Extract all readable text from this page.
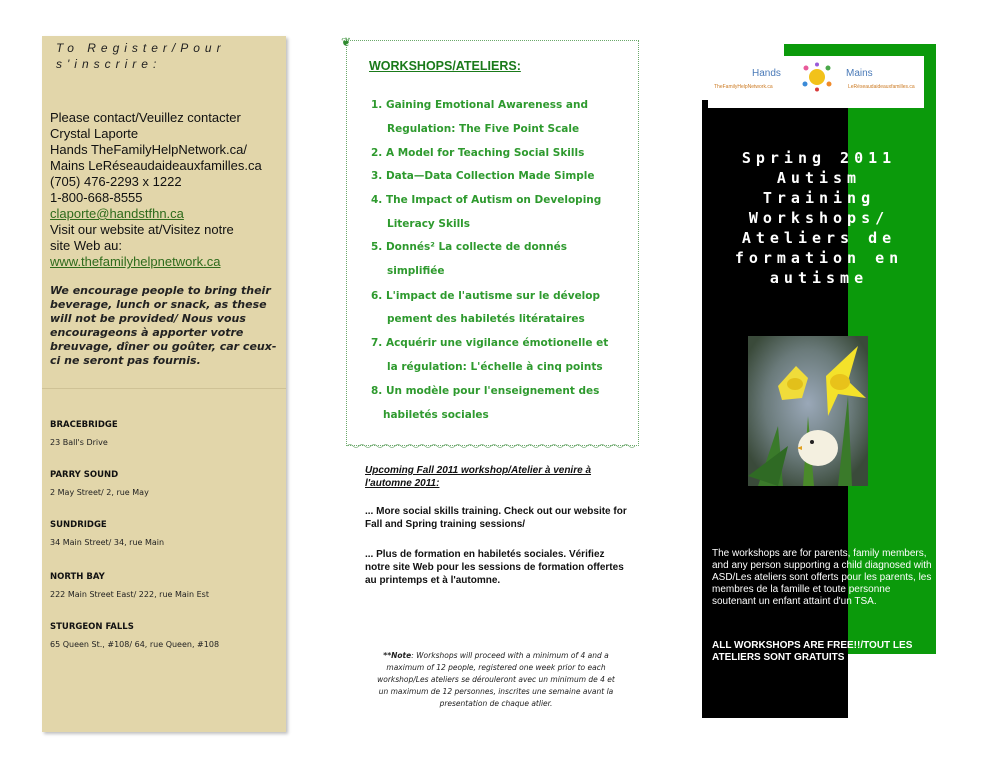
To Register/Pour s'inscrire:
Please contact/Veuillez contacter
Crystal Laporte
Hands TheFamilyHelpNetwork.ca/
Mains LeRéseaudaideauxfamilles.ca
(705) 476-2293 x 1222
1-800-668-8555
claporte@handstfhn.ca
Visit our website at/Visitez notre
site Web au:
www.thefamilyhelpnetwork.ca
We encourage people to bring their beverage, lunch or snack, as these will not be provided/ Nous vous encourageons à apporter votre breuvage, dîner ou goûter, car ceux-ci ne seront pas fournis.
BRACEBRIDGE
23 Ball's Drive
PARRY SOUND
2 May Street/ 2, rue May
SUNDRIDGE
34 Main Street/ 34, rue Main
NORTH BAY
222 Main Street East/ 222, rue Main Est
STURGEON FALLS
65 Queen St., #108/ 64, rue Queen, #108
❦
WORKSHOPS/ATELIERS:
1. Gaining Emotional Awareness and
Regulation: The Five Point Scale
2. A Model for Teaching Social Skills
3. Data—Data Collection Made Simple
4. The Impact of Autism on Developing
Literacy Skills
5. Donnés² La collecte de donnés
simplifiée
6. L'impact de l'autisme sur le dévelop
pement des habiletés litérataires
7. Acquérir une vigilance émotionelle et
la régulation: L'échelle à cinq points
8. Un modèle pour l'enseignement des
habiletés sociales
Upcoming Fall 2011 workshop/Atelier à venire à l'automne 2011:
... More social skills training. Check out our website for Fall and Spring training sessions/
... Plus de formation en habiletés sociales. Vérifiez notre site Web pour les sessions de formation offertes au printemps et à l'automne.
**Note: Workshops will proceed with a minimum of 4 and a maximum of 12 people, registered one week prior to each workshop/Les ateliers se dérouleront avec un minimum de 4 et un maximum de 12 personnes, inscrites une semaine avant la presentation de chaque atlier.
Hands	Mains
TheFamilyHelpNetwork.ca	LeRéseaudaideauxfamilles.ca
Spring 2011
Autism
Training
Workshops/
Ateliers de
formation en
autisme
The workshops are for parents, family members, and any person supporting a child diagnosed with ASD/Les ateliers sont offerts pour les parents, les membres de la famille et toute personne soutenant un enfant attaint d'un TSA.
ALL WORKSHOPS ARE FREE!!/TOUT LES ATELIERS SONT GRATUITS
